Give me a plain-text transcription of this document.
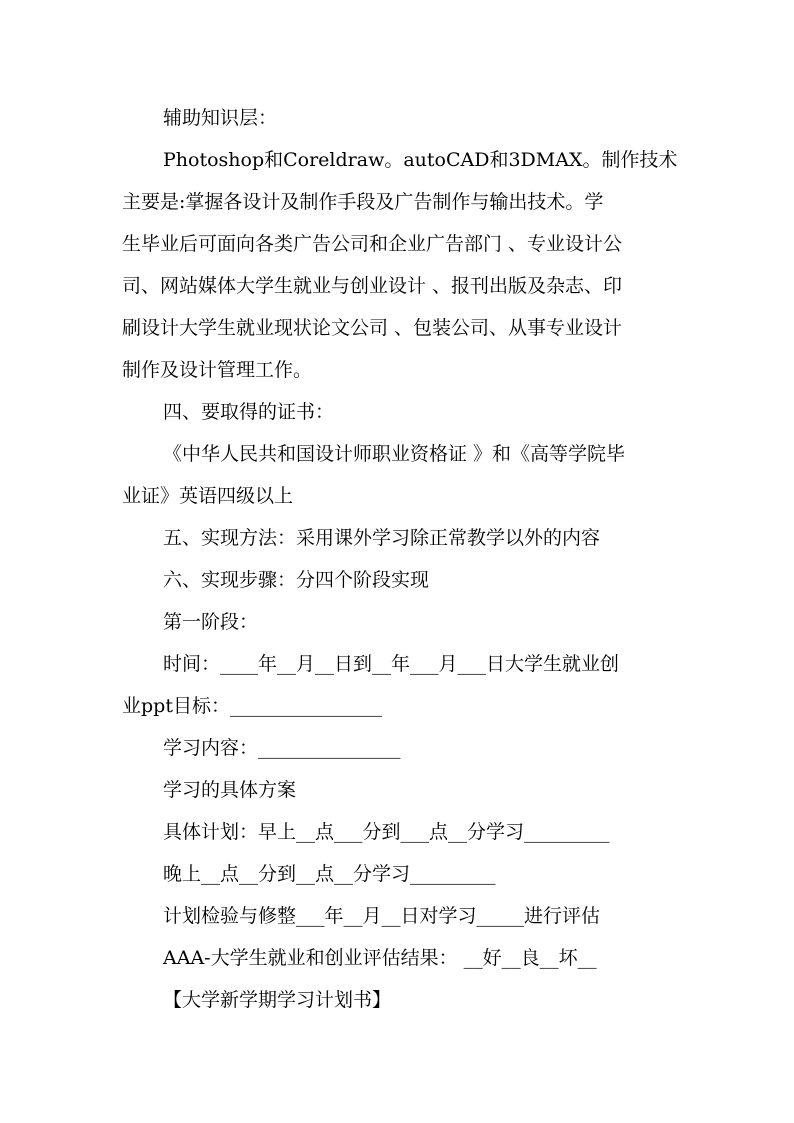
辅助知识层：
Photoshop和Coreldraw。autoCAD和3DMAX。制作技术
主要是:掌握各设计及制作手段及广告制作与输出技术。学
生毕业后可面向各类广告公司和企业广告部门 、专业设计公
司、网站媒体大学生就业与创业设计 、报刊出版及杂志、印
刷设计大学生就业现状论文公司 、包装公司、从事专业设计
制作及设计管理工作。
四、要取得的证书：
《中华人民共和国设计师职业资格证 》和《高等学院毕
业证》英语四级以上
五、实现方法：采用课外学习除正常教学以外的内容
六、实现步骤：分四个阶段实现
第一阶段：
时间：____年__月__日到__年___月___日大学生就业创
业ppt目标：________________
学习内容：_______________
学习的具体方案
具体计划：早上__点___分到___点__分学习_________
晚上__点__分到__点__分学习_________
计划检验与修整___年__月__日对学习_____进行评估
AAA-大学生就业和创业评估结果： __好__良__坏__
【大学新学期学习计划书】
